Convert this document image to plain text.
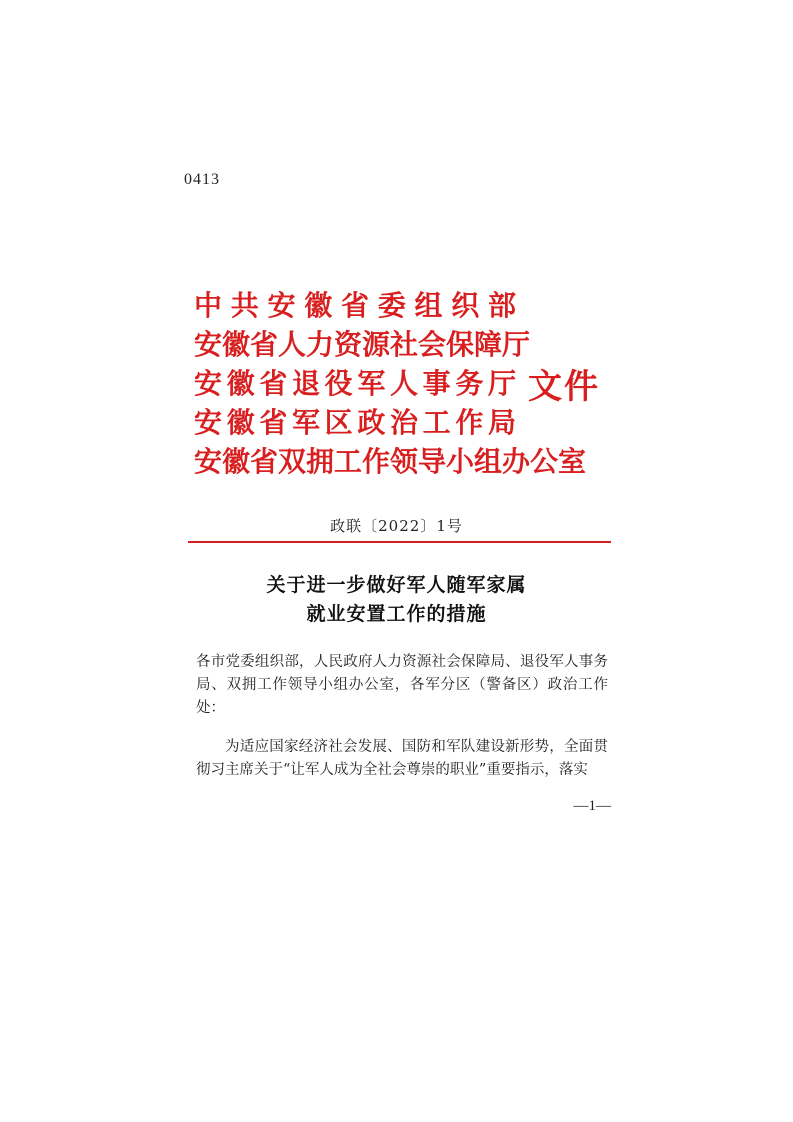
0413
中共安徽省委组织部
安徽省人力资源社会保障厅
安徽省退役军人事务厅
安徽省军区政治工作局
安徽省双拥工作领导小组办公室
文件
政联〔2022〕1号
关于进一步做好军人随军家属
就业安置工作的措施
各市党委组织部，人民政府人力资源社会保障局、退役军人事务局、双拥工作领导小组办公室，各军分区（警备区）政治工作处：
为适应国家经济社会发展、国防和军队建设新形势，全面贯彻习主席关于“让军人成为全社会尊崇的职业”重要指示，落实
—1—
